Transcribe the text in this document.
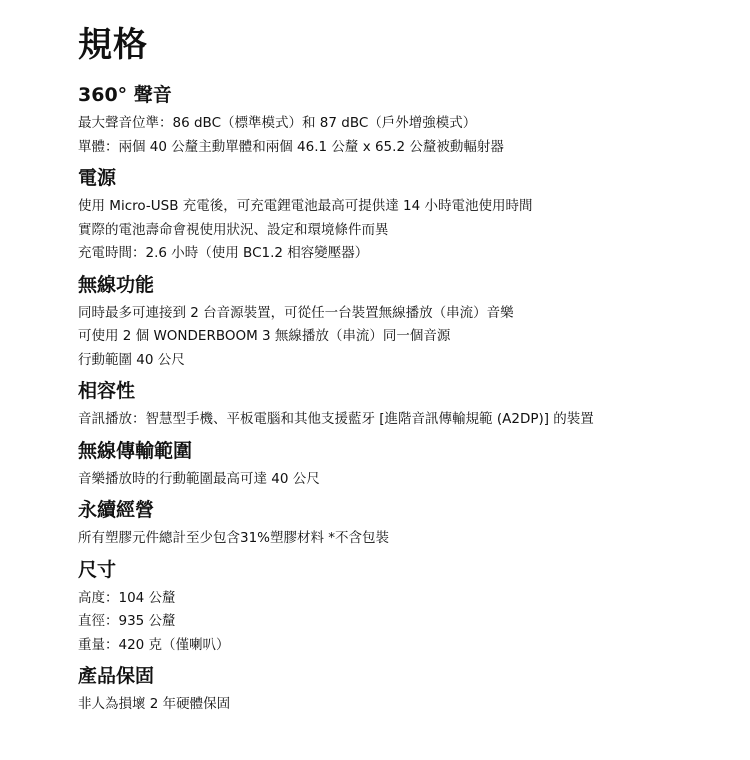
規格
360° 聲音

最大聲音位準：86 dBC（標準模式）和 87 dBC（戶外增強模式）

單體：兩個 40 公釐主動單體和兩個 46.1 公釐 x 65.2 公釐被動輻射器

電源

使用 Micro-USB 充電後，可充電鋰電池最高可提供達 14 小時電池使用時間

實際的電池壽命會視使用狀況、設定和環境條件而異

充電時間：2.6 小時（使用 BC1.2 相容變壓器）

無線功能

同時最多可連接到 2 台音源裝置，可從任一台裝置無線播放（串流）音樂

可使用 2 個 WONDERBOOM 3 無線播放（串流）同一個音源

行動範圍 40 公尺

相容性

音訊播放：智慧型手機、平板電腦和其他支援藍牙 [進階音訊傳輸規範 (A2DP)] 的裝置

無線傳輸範圍

音樂播放時的行動範圍最高可達 40 公尺

永續經營

所有塑膠元件總計至少包含31%塑膠材料 *不含包裝

尺寸

高度：104 公釐

直徑：935 公釐

重量：420 克（僅喇叭）

產品保固

非人為損壞 2 年硬體保固
